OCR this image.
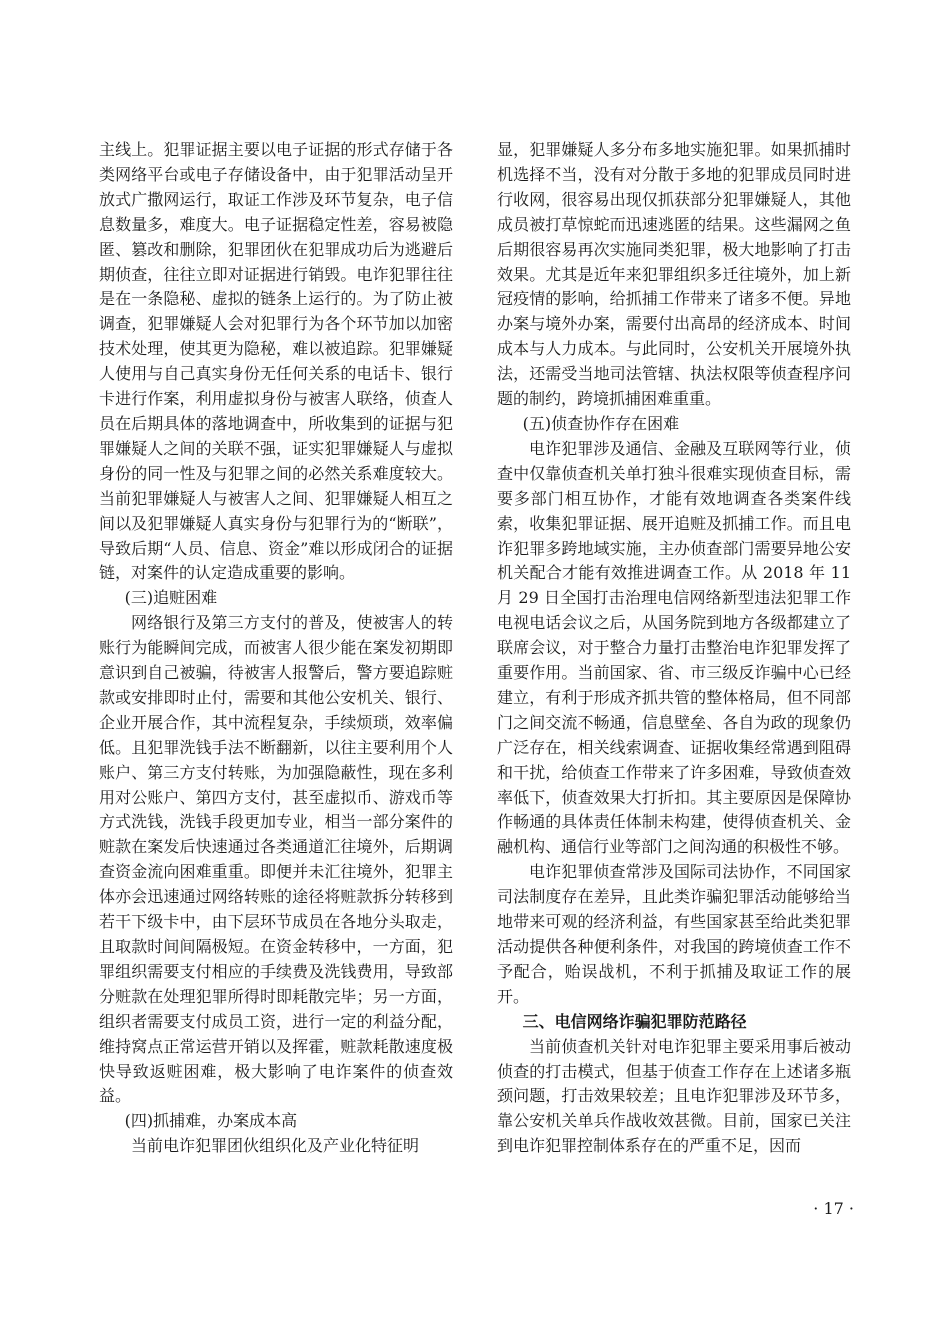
主线上。犯罪证据主要以电子证据的形式存储于各类网络平台或电子存储设备中，由于犯罪活动呈开放式广撒网运行，取证工作涉及环节复杂，电子信息数量多，难度大。电子证据稳定性差，容易被隐匿、篡改和删除，犯罪团伙在犯罪成功后为逃避后期侦查，往往立即对证据进行销毁。电诈犯罪往往是在一条隐秘、虚拟的链条上运行的。为了防止被调查，犯罪嫌疑人会对犯罪行为各个环节加以加密技术处理，使其更为隐秘，难以被追踪。犯罪嫌疑人使用与自己真实身份无任何关系的电话卡、银行卡进行作案，利用虚拟身份与被害人联络，侦查人员在后期具体的落地调查中，所收集到的证据与犯罪嫌疑人之间的关联不强，证实犯罪嫌疑人与虚拟身份的同一性及与犯罪之间的必然关系难度较大。当前犯罪嫌疑人与被害人之间、犯罪嫌疑人相互之间以及犯罪嫌疑人真实身份与犯罪行为的“断联”，导致后期“人员、信息、资金”难以形成闭合的证据链，对案件的认定造成重要的影响。

(三)追赃困难

网络银行及第三方支付的普及，使被害人的转账行为能瞬间完成，而被害人很少能在案发初期即意识到自己被骗，待被害人报警后，警方要追踪赃款或安排即时止付，需要和其他公安机关、银行、企业开展合作，其中流程复杂，手续烦琐，效率偏低。且犯罪洗钱手法不断翻新，以往主要利用个人账户、第三方支付转账，为加强隐蔽性，现在多利用对公账户、第四方支付，甚至虚拟币、游戏币等方式洗钱，洗钱手段更加专业，相当一部分案件的赃款在案发后快速通过各类通道汇往境外，后期调查资金流向困难重重。即便并未汇往境外，犯罪主体亦会迅速通过网络转账的途径将赃款拆分转移到若干下级卡中，由下层环节成员在各地分头取走，且取款时间间隔极短。在资金转移中，一方面，犯罪组织需要支付相应的手续费及洗钱费用，导致部分赃款在处理犯罪所得时即耗散完毕；另一方面，组织者需要支付成员工资，进行一定的利益分配，维持窝点正常运营开销以及挥霍，赃款耗散速度极快导致返赃困难，极大影响了电诈案件的侦查效益。

(四)抓捕难，办案成本高

当前电诈犯罪团伙组织化及产业化特征明

显，犯罪嫌疑人多分布多地实施犯罪。如果抓捕时机选择不当，没有对分散于多地的犯罪成员同时进行收网，很容易出现仅抓获部分犯罪嫌疑人，其他成员被打草惊蛇而迅速逃匿的结果。这些漏网之鱼后期很容易再次实施同类犯罪，极大地影响了打击效果。尤其是近年来犯罪组织多迁往境外，加上新冠疫情的影响，给抓捕工作带来了诸多不便。异地办案与境外办案，需要付出高昂的经济成本、时间成本与人力成本。与此同时，公安机关开展境外执法，还需受当地司法管辖、执法权限等侦查程序问题的制约，跨境抓捕困难重重。

(五)侦查协作存在困难

电诈犯罪涉及通信、金融及互联网等行业，侦查中仅靠侦查机关单打独斗很难实现侦查目标，需要多部门相互协作，才能有效地调查各类案件线索，收集犯罪证据、展开追赃及抓捕工作。而且电诈犯罪多跨地域实施，主办侦查部门需要异地公安机关配合才能有效推进调查工作。从 2018 年 11 月 29 日全国打击治理电信网络新型违法犯罪工作电视电话会议之后，从国务院到地方各级都建立了联席会议，对于整合力量打击整治电诈犯罪发挥了重要作用。当前国家、省、市三级反诈骗中心已经建立，有利于形成齐抓共管的整体格局，但不同部门之间交流不畅通，信息壁垒、各自为政的现象仍广泛存在，相关线索调查、证据收集经常遇到阻碍和干扰，给侦查工作带来了许多困难，导致侦查效率低下，侦查效果大打折扣。其主要原因是保障协作畅通的具体责任体制未构建，使得侦查机关、金融机构、通信行业等部门之间沟通的积极性不够。

电诈犯罪侦查常涉及国际司法协作，不同国家司法制度存在差异，且此类诈骗犯罪活动能够给当地带来可观的经济利益，有些国家甚至给此类犯罪活动提供各种便利条件，对我国的跨境侦查工作不予配合，贻误战机，不利于抓捕及取证工作的展开。

三、电信网络诈骗犯罪防范路径

当前侦查机关针对电诈犯罪主要采用事后被动侦查的打击模式，但基于侦查工作存在上述诸多瓶颈问题，打击效果较差；且电诈犯罪涉及环节多，靠公安机关单兵作战收效甚微。目前，国家已关注到电诈犯罪控制体系存在的严重不足，因而

· 17 ·
